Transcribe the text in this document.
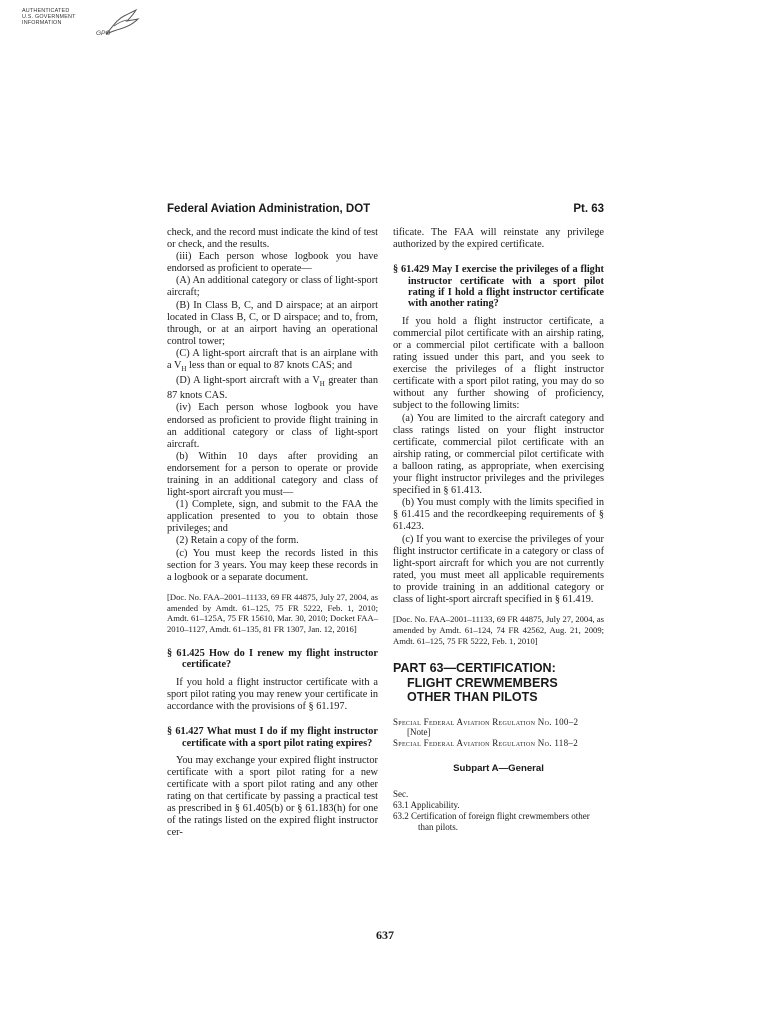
AUTHENTICATED
U.S. GOVERNMENT
INFORMATION
GPO
Federal Aviation Administration, DOT	Pt. 63

check, and the record must indicate the kind of test or check, and the results.

(iii) Each person whose logbook you have endorsed as proficient to operate—

(A) An additional category or class of light-sport aircraft;

(B) In Class B, C, and D airspace; at an airport located in Class B, C, or D airspace; and to, from, through, or at an airport having an operational control tower;

(C) A light-sport aircraft that is an airplane with a $V_H$ less than or equal to 87 knots CAS; and

(D) A light-sport aircraft with a $V_H$ greater than 87 knots CAS.

(iv) Each person whose logbook you have endorsed as proficient to provide flight training in an additional category or class of light-sport aircraft.

(b) Within 10 days after providing an endorsement for a person to operate or provide training in an additional category and class of light-sport aircraft you must—

(1) Complete, sign, and submit to the FAA the application presented to you to obtain those privileges; and

(2) Retain a copy of the form.

(c) You must keep the records listed in this section for 3 years. You may keep these records in a logbook or a separate document.

[Doc. No. FAA–2001–11133, 69 FR 44875, July 27, 2004, as amended by Amdt. 61–125, 75 FR 5222, Feb. 1, 2010; Amdt. 61–125A, 75 FR 15610, Mar. 30, 2010; Docket FAA–2010–1127, Amdt. 61–135, 81 FR 1307, Jan. 12, 2016]

§ 61.425 How do I renew my flight instructor certificate?

If you hold a flight instructor certificate with a sport pilot rating you may renew your certificate in accordance with the provisions of § 61.197.

§ 61.427 What must I do if my flight instructor certificate with a sport pilot rating expires?

You may exchange your expired flight instructor certificate with a sport pilot rating for a new certificate with a sport pilot rating and any other rating on that certificate by passing a practical test as prescribed in § 61.405(b) or § 61.183(h) for one of the ratings listed on the expired flight instructor cer-

tificate. The FAA will reinstate any privilege authorized by the expired certificate.

§ 61.429 May I exercise the privileges of a flight instructor certificate with a sport pilot rating if I hold a flight instructor certificate with another rating?

If you hold a flight instructor certificate, a commercial pilot certificate with an airship rating, or a commercial pilot certificate with a balloon rating issued under this part, and you seek to exercise the privileges of a flight instructor certificate with a sport pilot rating, you may do so without any further showing of proficiency, subject to the following limits:

(a) You are limited to the aircraft category and class ratings listed on your flight instructor certificate, commercial pilot certificate with an airship rating, or commercial pilot certificate with a balloon rating, as appropriate, when exercising your flight instructor privileges and the privileges specified in § 61.413.

(b) You must comply with the limits specified in § 61.415 and the recordkeeping requirements of § 61.423.

(c) If you want to exercise the privileges of your flight instructor certificate in a category or class of light-sport aircraft for which you are not currently rated, you must meet all applicable requirements to provide training in an additional category or class of light-sport aircraft specified in § 61.419.

[Doc. No. FAA–2001–11133, 69 FR 44875, July 27, 2004, as amended by Amdt. 61–124, 74 FR 42562, Aug. 21, 2009; Amdt. 61–125, 75 FR 5222, Feb. 1, 2010]

PART 63—CERTIFICATION: FLIGHT CREWMEMBERS OTHER THAN PILOTS

Special Federal Aviation Regulation No. 100–2 [Note]

Special Federal Aviation Regulation No. 118–2

Subpart A—General
Sec.
63.1 Applicability.
63.2 Certification of foreign flight crewmembers other than pilots.
637
